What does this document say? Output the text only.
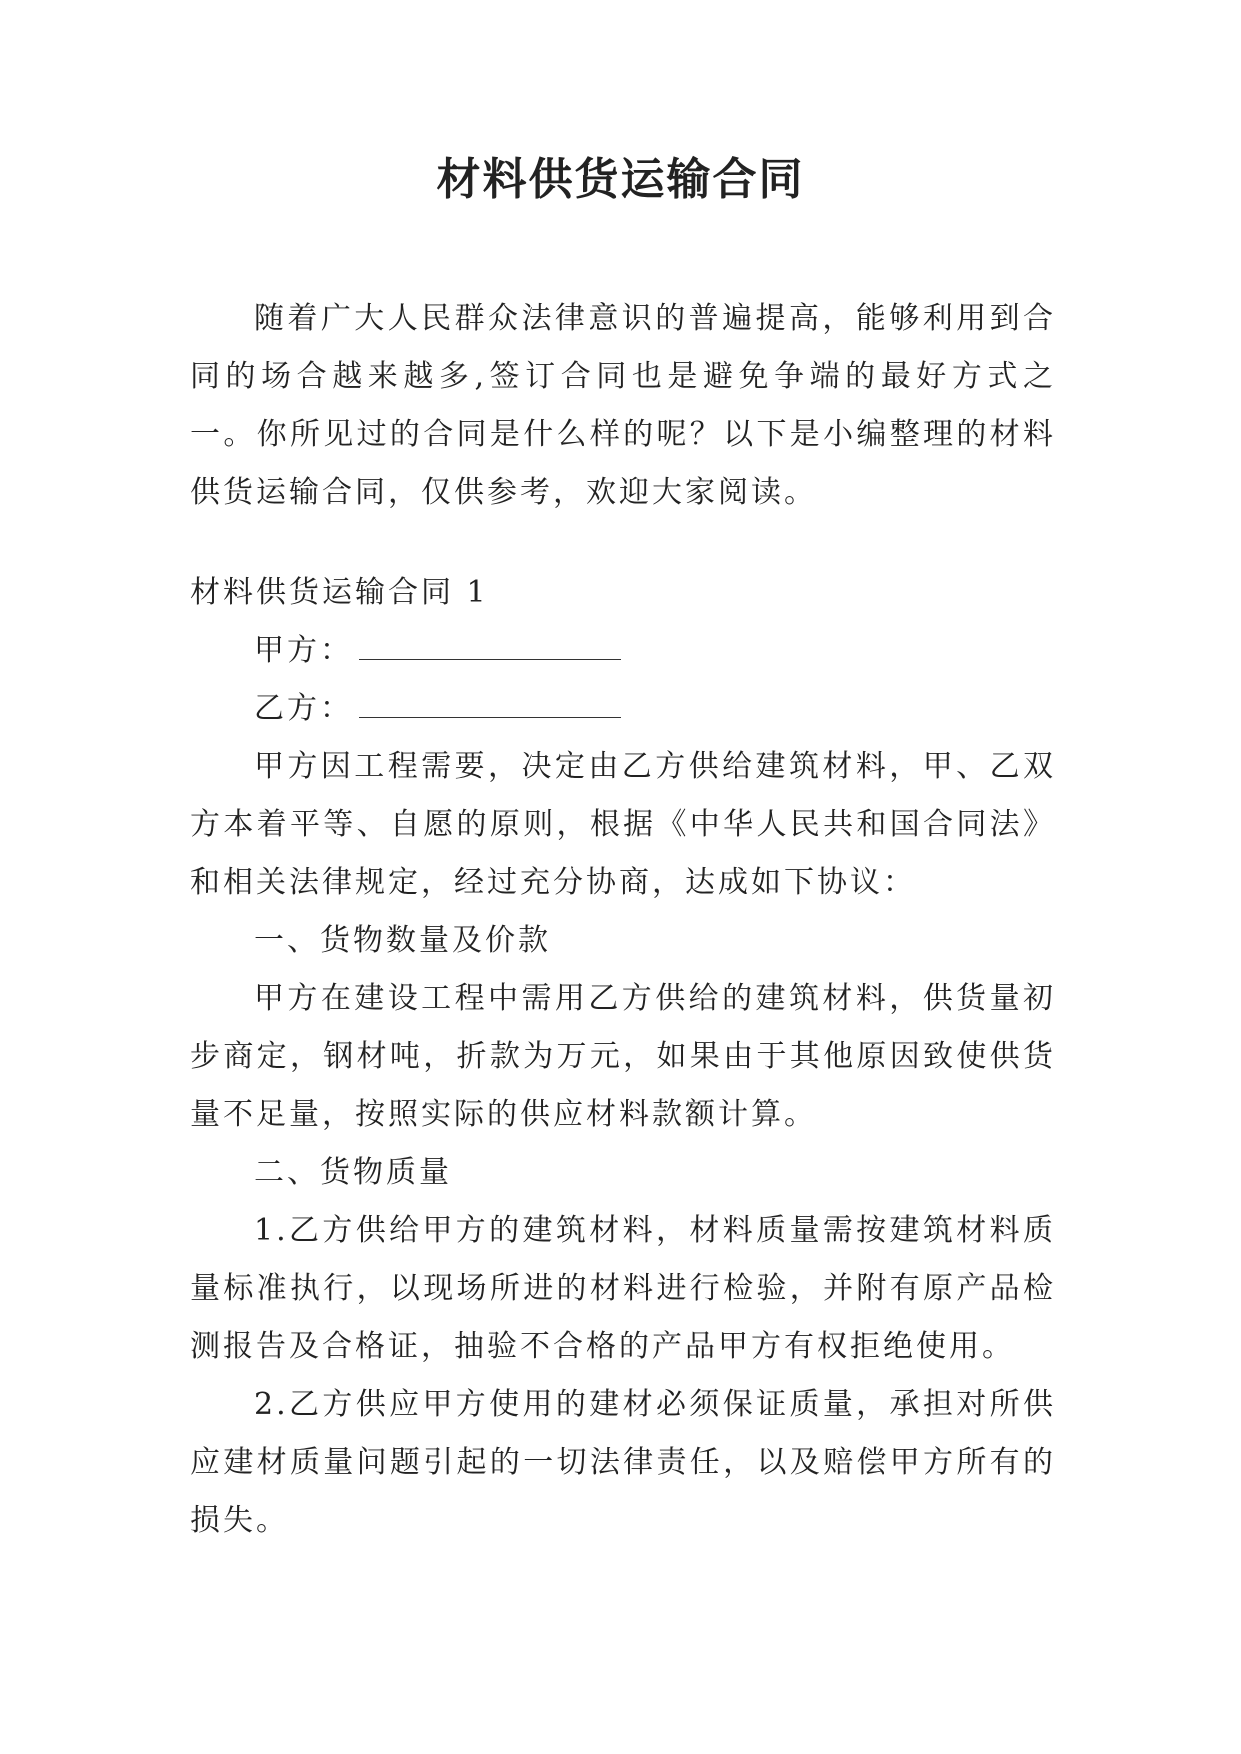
材料供货运输合同

随着广大人民群众法律意识的普遍提高，能够利用到合同的场合越来越多,签订合同也是避免争端的最好方式之一。你所见过的合同是什么样的呢？以下是小编整理的材料供货运输合同，仅供参考，欢迎大家阅读。

材料供货运输合同 1

甲方：

乙方：

甲方因工程需要，决定由乙方供给建筑材料，甲、乙双方本着平等、自愿的原则，根据《中华人民共和国合同法》和相关法律规定，经过充分协商，达成如下协议：

一、货物数量及价款

甲方在建设工程中需用乙方供给的建筑材料，供货量初步商定，钢材吨，折款为万元，如果由于其他原因致使供货量不足量，按照实际的供应材料款额计算。

二、货物质量

1.乙方供给甲方的建筑材料，材料质量需按建筑材料质量标准执行，以现场所进的材料进行检验，并附有原产品检测报告及合格证，抽验不合格的产品甲方有权拒绝使用。

2.乙方供应甲方使用的建材必须保证质量，承担对所供应建材质量问题引起的一切法律责任，以及赔偿甲方所有的损失。
